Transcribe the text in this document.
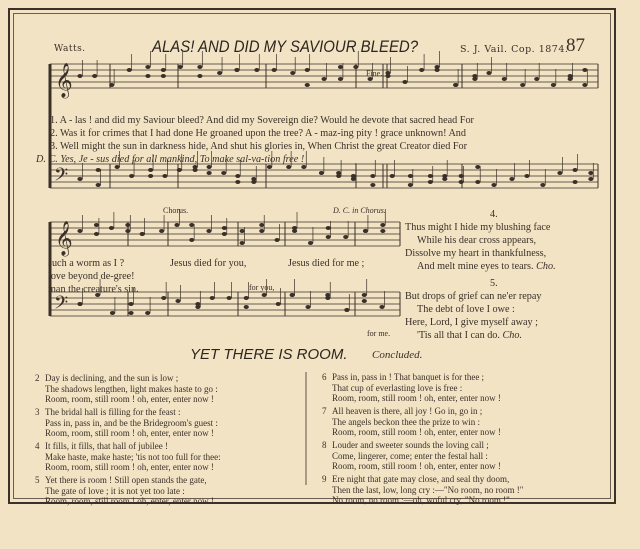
𝄞
𝄢
𝄞
𝄢
Watts.	ALAS! AND DID MY SAVIOUR BLEED?	S. J. Vail. Cop. 1874.
87
Fine.
1. A - las ! and did my Saviour bleed? And did my Sovereign die? Would he devote that sacred head For
2. Was it for crimes that I had done He groaned upon the tree? A - maz-ing pity ! grace unknown! And
3. Well might the sun in darkness hide, And shut his glories in, When Christ the great Creator died For
D. C. Yes, Je - sus died for all mankind, To make sal-va-tion free !
Chorus.	D. C. in Chorus.
such a worm as I ?
love beyond de-gree!
man the creature's sin.
Jesus died for you,	Jesus died for me ;
for you,
for me.
4.
Thus might I hide my blushing face
While his dear cross appears,
Dissolve my heart in thankfulness,
And melt mine eyes to tears. Cho.
5.
But drops of grief can ne'er repay
The debt of love I owe :
Here, Lord, I give myself away ;
'Tis all that I can do. Cho.
YET THERE IS ROOM. Concluded.
2 Day is declining, and the sun is low ;
The shadows lengthen, light makes haste to go :
Room, room, still room ! oh, enter, enter now !
3 The bridal hall is filling for the feast :
Pass in, pass in, and be the Bridegroom's guest :
Room, room, still room ! oh, enter, enter now !
4 It fills, it fills, that hall of jubilee !
Make haste, make haste; 'tis not too full for thee:
Room, room, still room ! oh, enter, enter now !
5 Yet there is room ! Still open stands the gate,
The gate of love ; it is not yet too late :
Room, room, still room ! oh, enter, enter now !
6 Pass in, pass in ! That banquet is for thee ;
That cup of everlasting love is free :
Room, room, still room ! oh, enter, enter now !
7 All heaven is there, all joy ! Go in, go in ;
The angels beckon thee the prize to win :
Room, room, still room ! oh, enter, enter now !
8 Louder and sweeter sounds the loving call ;
Come, lingerer, come; enter the festal hall :
Room, room, still room ! oh, enter, enter now !
9 Ere night that gate may close, and seal thy doom,
Then the last, low, long cry :—"No room, no room !"
No room, no room :—oh, woful cry, "No room !"
